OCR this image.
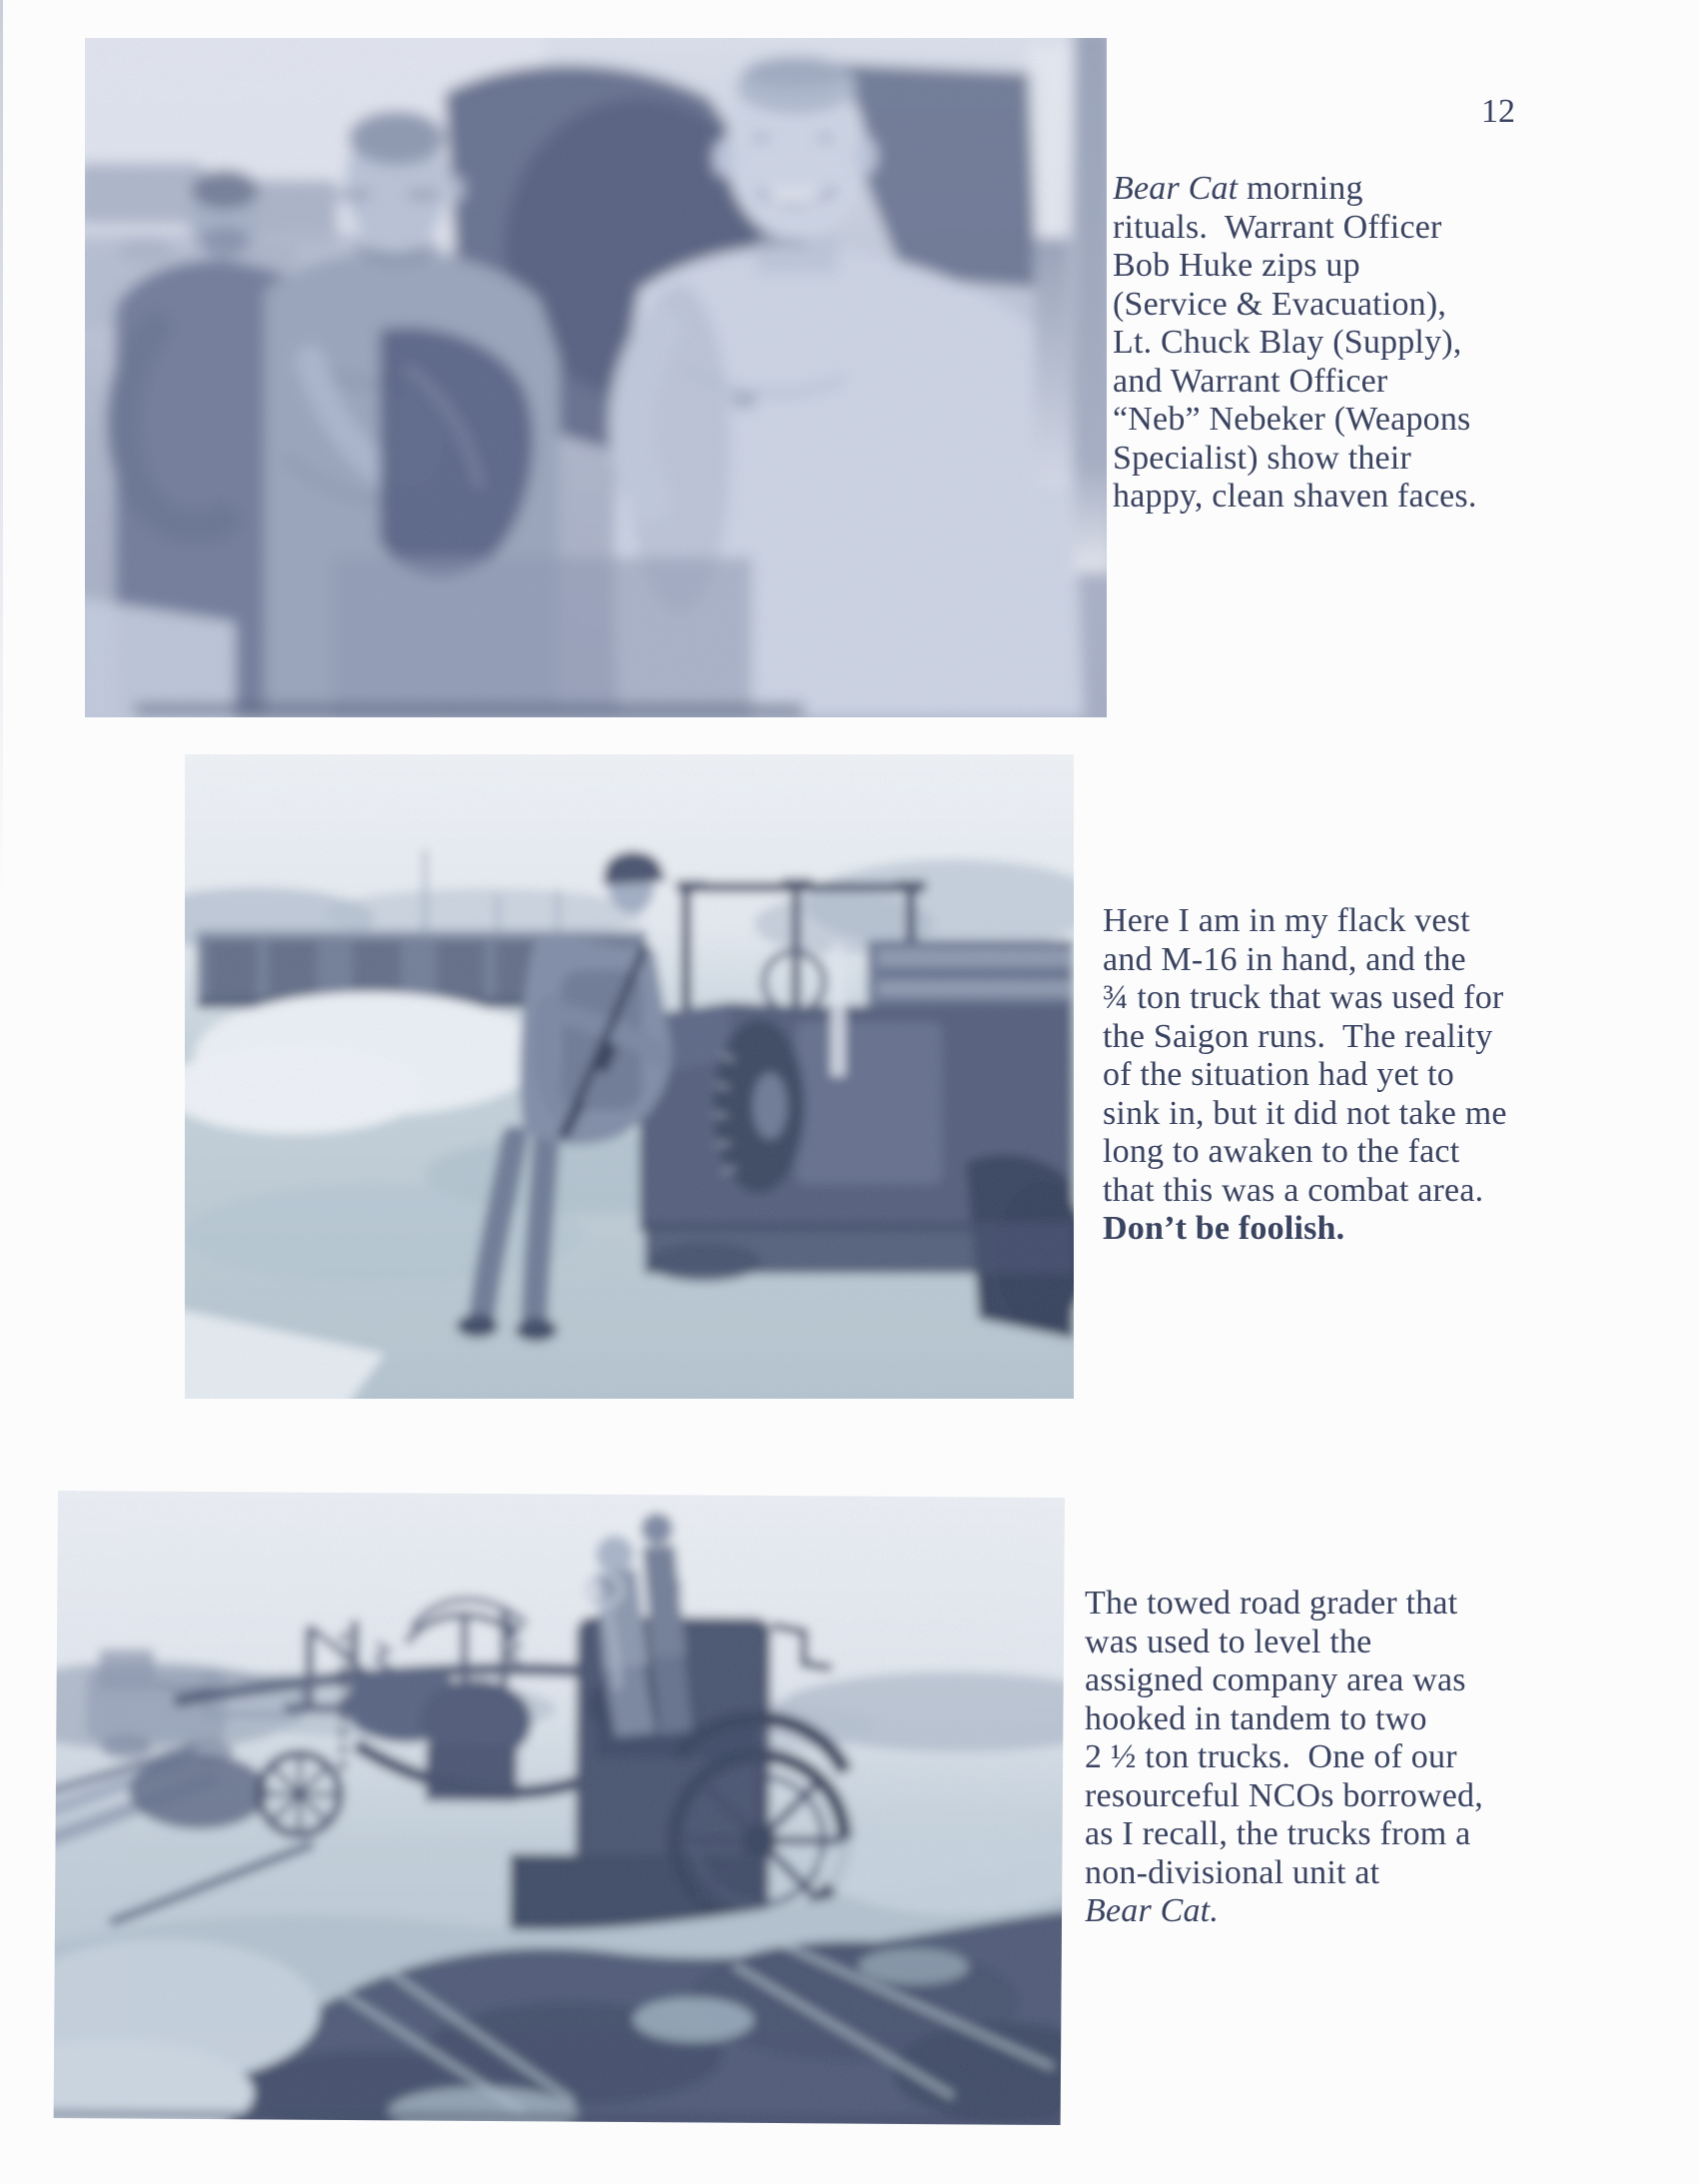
12
Bear Cat morning
rituals.  Warrant Officer
Bob Huke zips up
(Service & Evacuation),
Lt. Chuck Blay (Supply),
and Warrant Officer
“Neb” Nebeker (Weapons
Specialist) show their
happy, clean shaven faces.
Here I am in my flack vest
and M-16 in hand, and the
¾ ton truck that was used for
the Saigon runs.  The reality
of the situation had yet to
sink in, but it did not take me
long to awaken to the fact
that this was a combat area.
Don’t be foolish.
The towed road grader that
was used to level the
assigned company area was
hooked in tandem to two
2 ½ ton trucks.  One of our
resourceful NCOs borrowed,
as I recall, the trucks from a
non-divisional unit at
Bear Cat.
